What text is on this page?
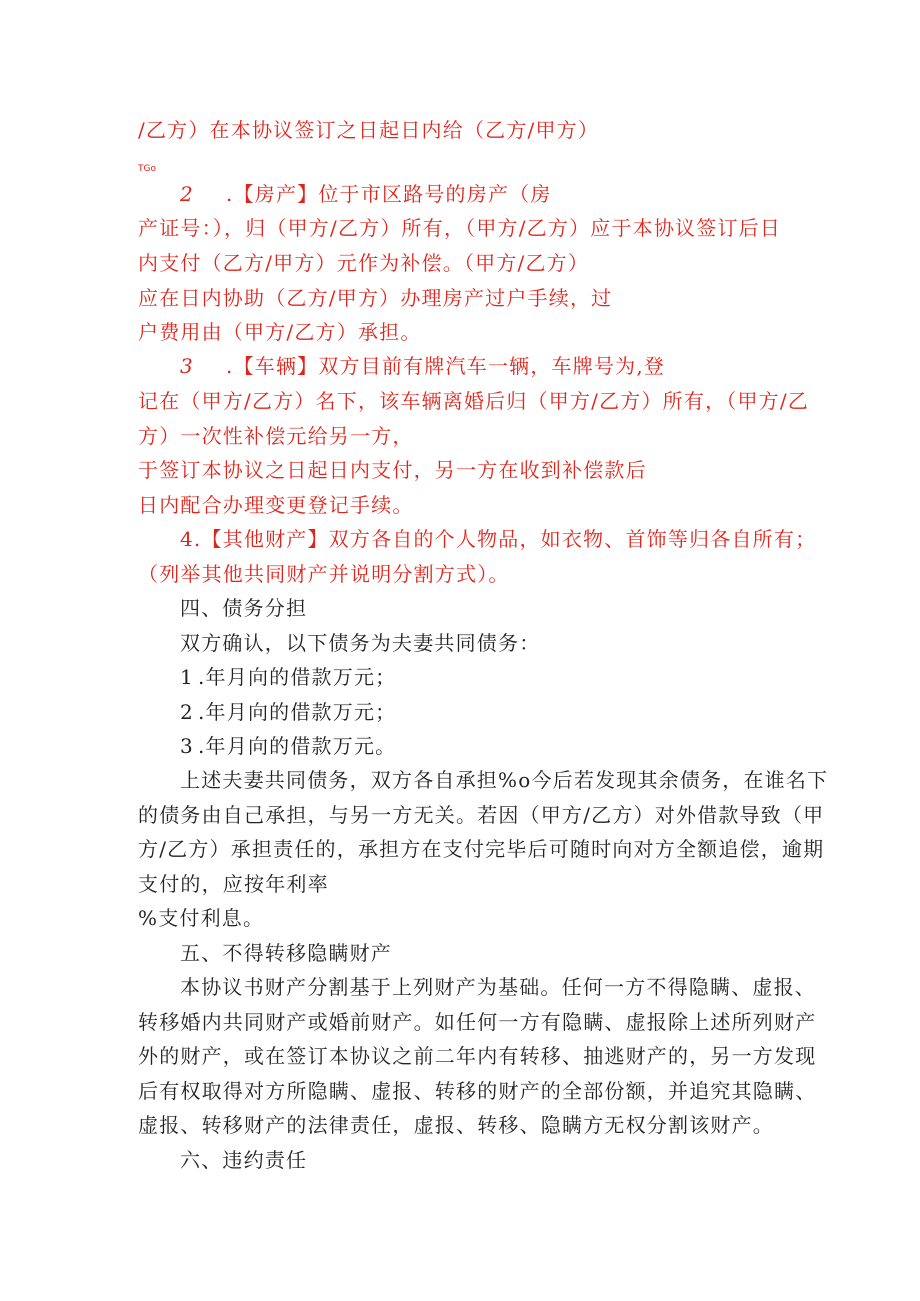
/乙方）在本协议签订之日起日内给（乙方/甲方）
TGo
2 .【房产】位于市区路号的房产（房
产证号：），归（甲方/乙方）所有，（甲方/乙方）应于本协议签订后日
内支付（乙方/甲方）元作为补偿。（甲方/乙方）
应在日内协助（乙方/甲方）办理房产过户手续，过
户费用由（甲方/乙方）承担。
3 .【车辆】双方目前有牌汽车一辆，车牌号为,登
记在（甲方/乙方）名下，该车辆离婚后归（甲方/乙方）所有，（甲方/乙
方）一次性补偿元给另一方，
于签订本协议之日起日内支付，另一方在收到补偿款后
日内配合办理变更登记手续。
4.【其他财产】双方各自的个人物品，如衣物、首饰等归各自所有；
（列举其他共同财产并说明分割方式）。
四、债务分担
双方确认，以下债务为夫妻共同债务：
1 .年月向的借款万元；
2 .年月向的借款万元；
3 .年月向的借款万元。
上述夫妻共同债务，双方各自承担%o今后若发现其余债务，在谁名下
的债务由自己承担，与另一方无关。若因（甲方/乙方）对外借款导致（甲
方/乙方）承担责任的，承担方在支付完毕后可随时向对方全额追偿，逾期
支付的，应按年利率
%支付利息。
五、不得转移隐瞒财产
本协议书财产分割基于上列财产为基础。任何一方不得隐瞒、虚报、
转移婚内共同财产或婚前财产。如任何一方有隐瞒、虚报除上述所列财产
外的财产，或在签订本协议之前二年内有转移、抽逃财产的，另一方发现
后有权取得对方所隐瞒、虚报、转移的财产的全部份额，并追究其隐瞒、
虚报、转移财产的法律责任，虚报、转移、隐瞒方无权分割该财产。
六、违约责任
